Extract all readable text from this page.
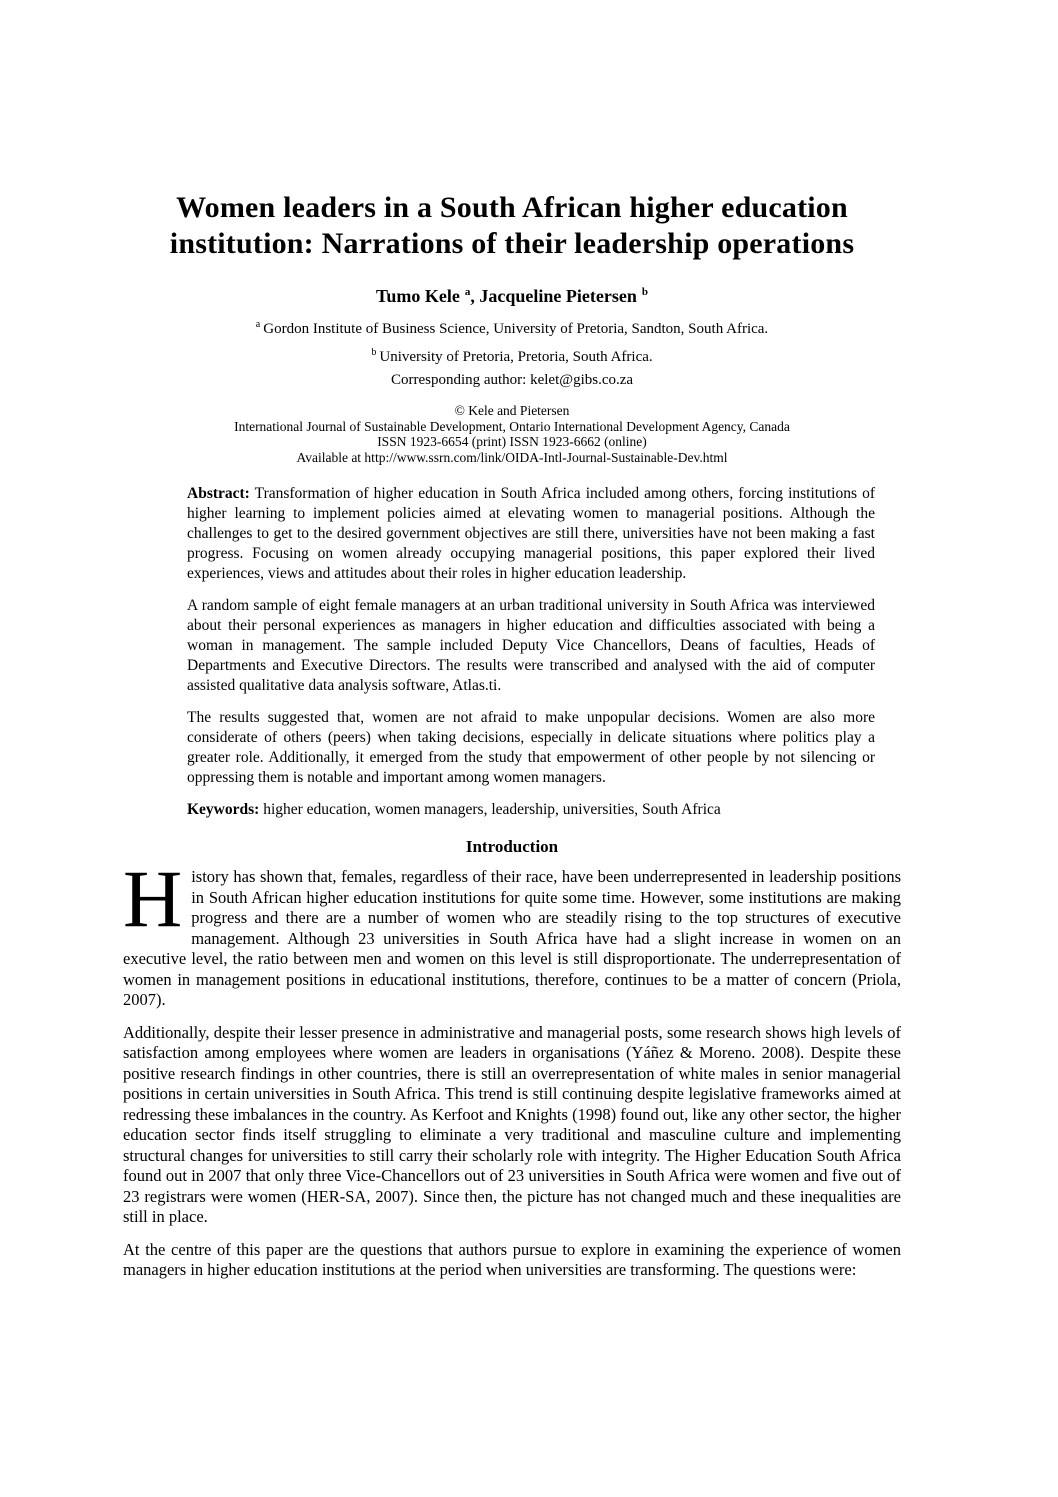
Women leaders in a South African higher education
institution: Narrations of their leadership operations
Tumo Kele $^a$, Jacqueline Pietersen $^b$
$^a$ Gordon Institute of Business Science, University of Pretoria, Sandton, South Africa.
$^b$ University of Pretoria, Pretoria, South Africa.
Corresponding author: kelet@gibs.co.za
© Kele and Pietersen
International Journal of Sustainable Development, Ontario International Development Agency, Canada
ISSN 1923-6654 (print) ISSN 1923-6662 (online)
Available at http://www.ssrn.com/link/OIDA-Intl-Journal-Sustainable-Dev.html

Abstract: Transformation of higher education in South Africa included among others, forcing institutions of higher learning to implement policies aimed at elevating women to managerial positions. Although the challenges to get to the desired government objectives are still there, universities have not been making a fast progress. Focusing on women already occupying managerial positions, this paper explored their lived experiences, views and attitudes about their roles in higher education leadership.

A random sample of eight female managers at an urban traditional university in South Africa was interviewed about their personal experiences as managers in higher education and difficulties associated with being a woman in management. The sample included Deputy Vice Chancellors, Deans of faculties, Heads of Departments and Executive Directors. The results were transcribed and analysed with the aid of computer assisted qualitative data analysis software, Atlas.ti.

The results suggested that, women are not afraid to make unpopular decisions. Women are also more considerate of others (peers) when taking decisions, especially in delicate situations where politics play a greater role. Additionally, it emerged from the study that empowerment of other people by not silencing or oppressing them is notable and important among women managers.

Keywords: higher education, women managers, leadership, universities, South Africa

Introduction

History has shown that, females, regardless of their race, have been underrepresented in leadership positions in South African higher education institutions for quite some time. However, some institutions are making progress and there are a number of women who are steadily rising to the top structures of executive management. Although 23 universities in South Africa have had a slight increase in women on an executive level, the ratio between men and women on this level is still disproportionate. The underrepresentation of women in management positions in educational institutions, therefore, continues to be a matter of concern (Priola, 2007).

Additionally, despite their lesser presence in administrative and managerial posts, some research shows high levels of satisfaction among employees where women are leaders in organisations (Yáñez & Moreno. 2008). Despite these positive research findings in other countries, there is still an overrepresentation of white males in senior managerial positions in certain universities in South Africa. This trend is still continuing despite legislative frameworks aimed at redressing these imbalances in the country. As Kerfoot and Knights (1998) found out, like any other sector, the higher education sector finds itself struggling to eliminate a very traditional and masculine culture and implementing structural changes for universities to still carry their scholarly role with integrity. The Higher Education South Africa found out in 2007 that only three Vice-Chancellors out of 23 universities in South Africa were women and five out of 23 registrars were women (HER-SA, 2007). Since then, the picture has not changed much and these inequalities are still in place.

At the centre of this paper are the questions that authors pursue to explore in examining the experience of women managers in higher education institutions at the period when universities are transforming. The questions were:
